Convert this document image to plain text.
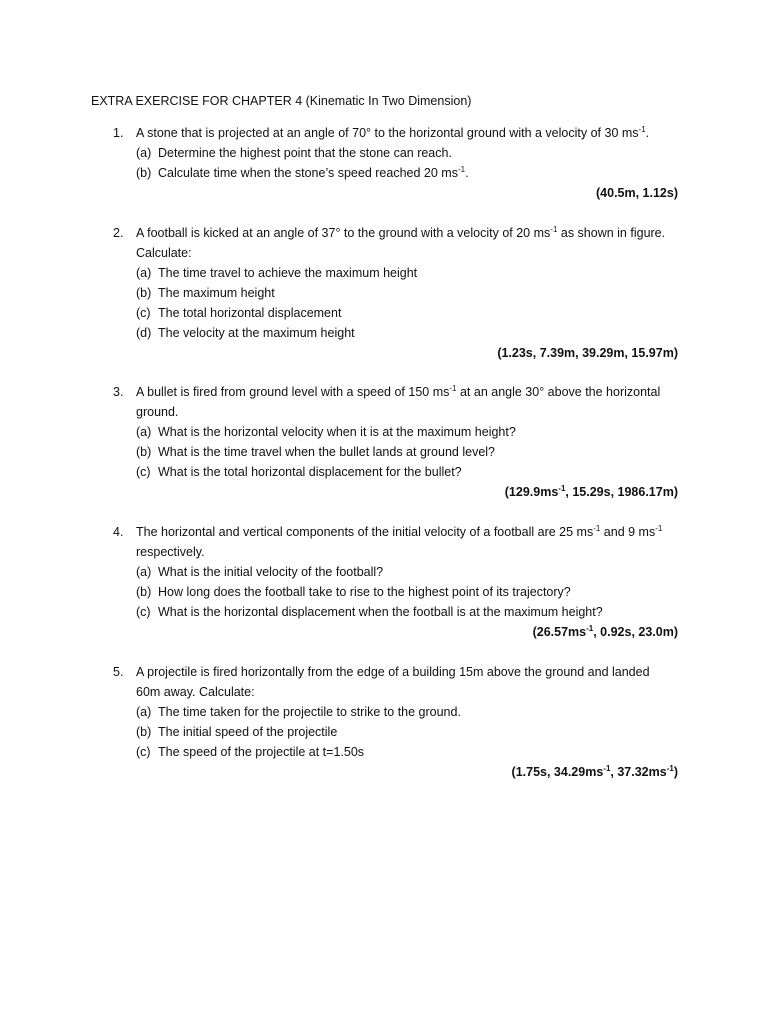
EXTRA EXERCISE FOR CHAPTER 4 (Kinematic In Two Dimension)
1. A stone that is projected at an angle of 70° to the horizontal ground with a velocity of 30 $ms^{-1}$.
(a) Determine the highest point that the stone can reach.
(b) Calculate time when the stone’s speed reached 20 $ms^{-1}$.
(40.5m, 1.12s)
2. A football is kicked at an angle of 37° to the ground with a velocity of 20 $ms^{-1}$ as shown in figure.
Calculate:
(a) The time travel to achieve the maximum height
(b) The maximum height
(c) The total horizontal displacement
(d) The velocity at the maximum height
(1.23s, 7.39m, 39.29m, 15.97m)
3. A bullet is fired from ground level with a speed of 150 $ms^{-1}$ at an angle 30° above the horizontal
ground.
(a) What is the horizontal velocity when it is at the maximum height?
(b) What is the time travel when the bullet lands at ground level?
(c) What is the total horizontal displacement for the bullet?
($129.9ms^{-1}$, 15.29s, 1986.17m)
4. The horizontal and vertical components of the initial velocity of a football are 25 $ms^{-1}$ and 9 $ms^{-1}$
respectively.
(a) What is the initial velocity of the football?
(b) How long does the football take to rise to the highest point of its trajectory?
(c) What is the horizontal displacement when the football is at the maximum height?
($26.57ms^{-1}$, 0.92s, 23.0m)
5. A projectile is fired horizontally from the edge of a building 15m above the ground and landed
60m away. Calculate:
(a) The time taken for the projectile to strike to the ground.
(b) The initial speed of the projectile
(c) The speed of the projectile at t=1.50s
(1.75s, $34.29ms^{-1}$, $37.32ms^{-1}$)
